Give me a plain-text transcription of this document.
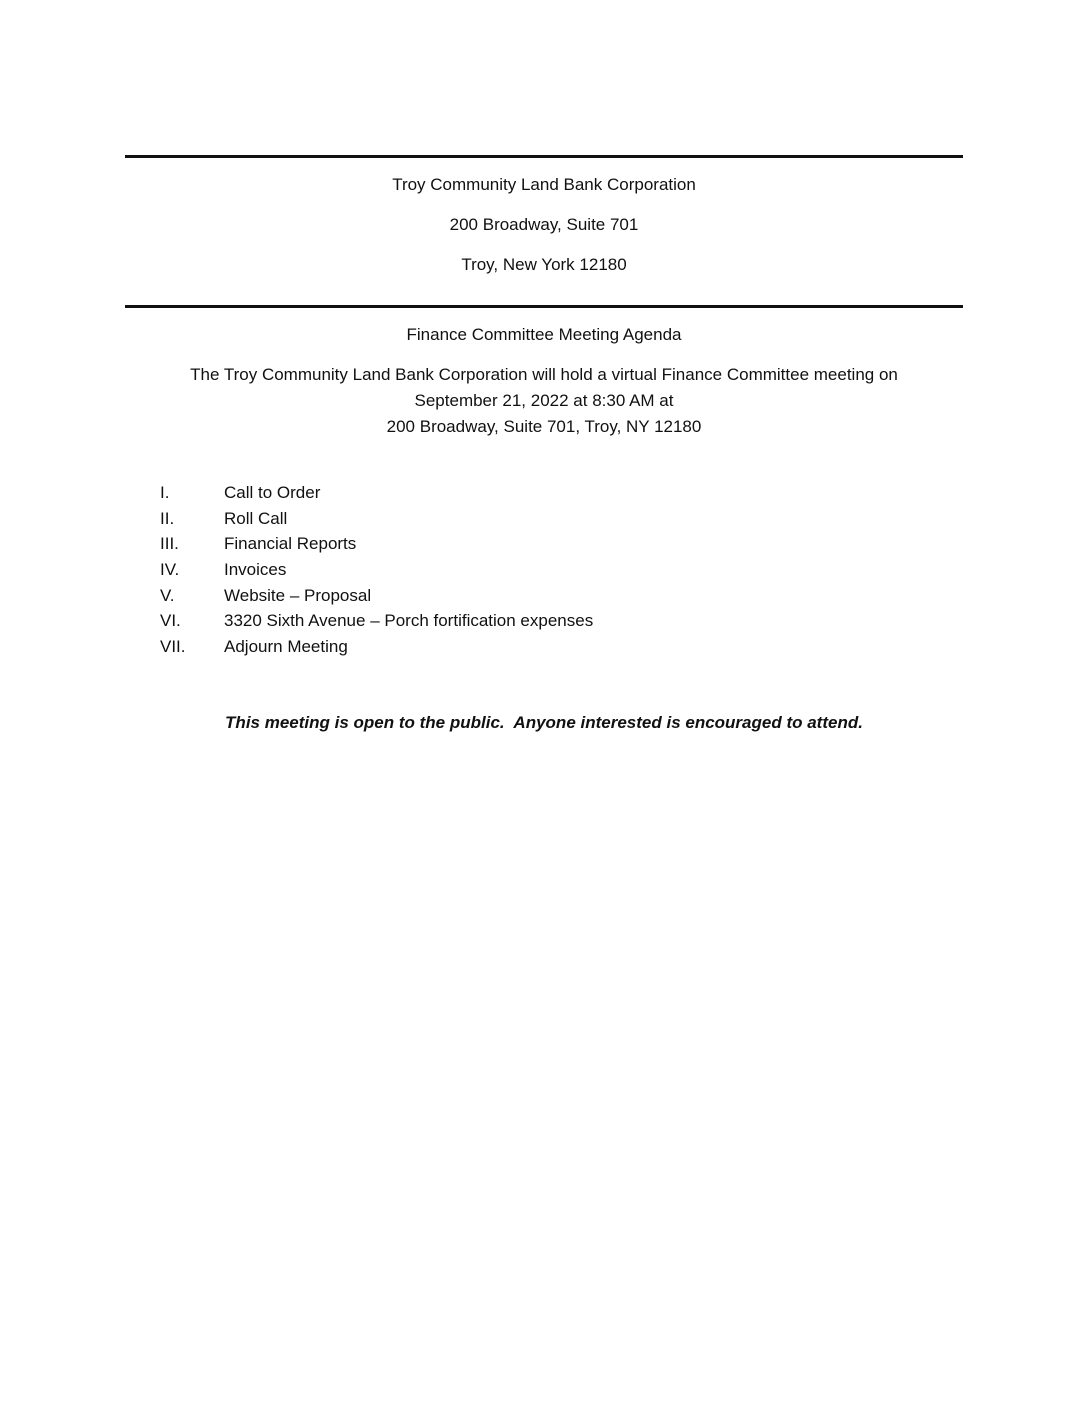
Troy Community Land Bank Corporation
200 Broadway, Suite 701
Troy, New York 12180
Finance Committee Meeting Agenda
The Troy Community Land Bank Corporation will hold a virtual Finance Committee meeting on
September 21, 2022 at 8:30 AM at
200 Broadway, Suite 701, Troy, NY 12180
I.	Call to Order
II.	Roll Call
III.	Financial Reports
IV.	Invoices
V.	Website – Proposal
VI.	3320 Sixth Avenue – Porch fortification expenses
VII.	Adjourn Meeting
This meeting is open to the public.  Anyone interested is encouraged to attend.
